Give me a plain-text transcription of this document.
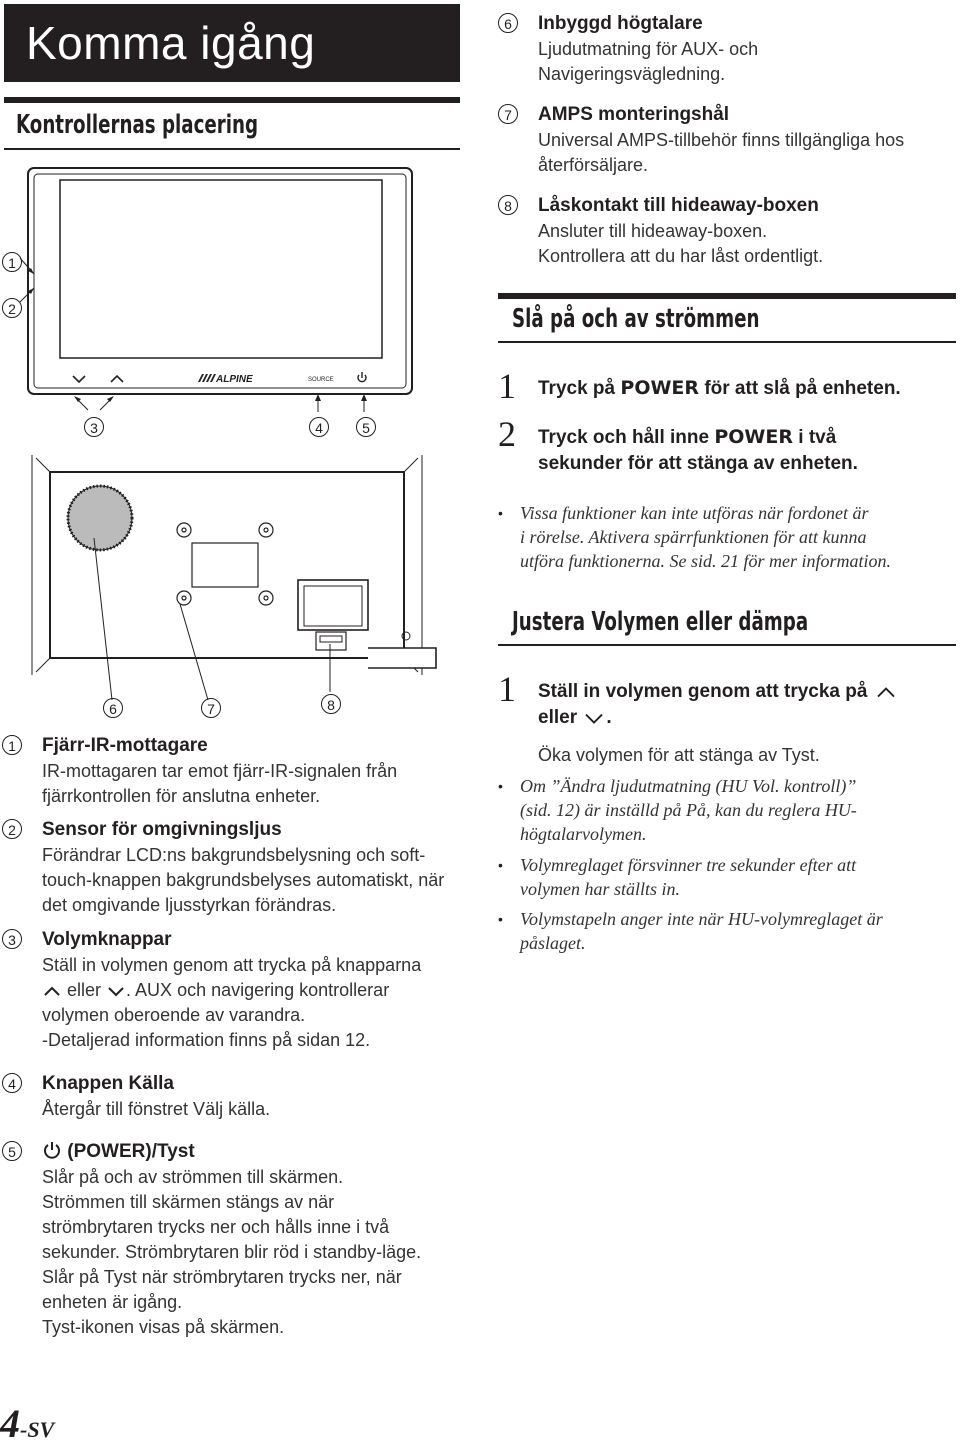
Komma igång
Kontrollernas placering
ALPINE	SOURCE
1
2
3	4	5
6	7	8
1	Fjärr-IR-mottagare
IR-mottagaren tar emot fjärr-IR-signalen från fjärrkontrollen för anslutna enheter.
2	Sensor för omgivningsljus
Förändrar LCD:ns bakgrundsbelysning och soft-touch-knappen bakgrundsbelyses automatiskt, när det omgivande ljusstyrkan förändras.
3	Volymknappar
Ställ in volymen genom att trycka på knapparna
eller . AUX och navigering kontrollerar
volymen oberoende av varandra.
-Detaljerad information finns på sidan 12.
4	Knappen Källa
Återgår till fönstret Välj källa.
5	(POWER)/Tyst
Slår på och av strömmen till skärmen.
Strömmen till skärmen stängs av när
strömbrytaren trycks ner och hålls inne i två
sekunder. Strömbrytaren blir röd i standby-läge.
Slår på Tyst när strömbrytaren trycks ner, när
enheten är igång.
Tyst-ikonen visas på skärmen.
6	Inbyggd högtalare
Ljudutmatning för AUX- och
Navigeringsvägledning.
7	AMPS monteringshål
Universal AMPS-tillbehör finns tillgängliga hos
återförsäljare.
8	Låskontakt till hideaway-boxen
Ansluter till hideaway-boxen.
Kontrollera att du har låst ordentligt.
Slå på och av strömmen
1 Tryck på POWER för att slå på enheten.
2 Tryck och håll inne POWER i två
sekunder för att stänga av enheten.
• Vissa funktioner kan inte utföras när fordonet är
i rörelse. Aktivera spärrfunktionen för att kunna
utföra funktionerna. Se sid. 21 för mer information.
Justera Volymen eller dämpa
1 Ställ in volymen genom att trycka på
eller .
Öka volymen för att stänga av Tyst.
• Om ”Ändra ljudutmatning (HU Vol. kontroll)”
(sid. 12) är inställd på På, kan du reglera HU-
högtalarvolymen.
• Volymreglaget försvinner tre sekunder efter att
volymen har ställts in.
• Volymstapeln anger inte när HU-volymreglaget är
påslaget.
4-SV
